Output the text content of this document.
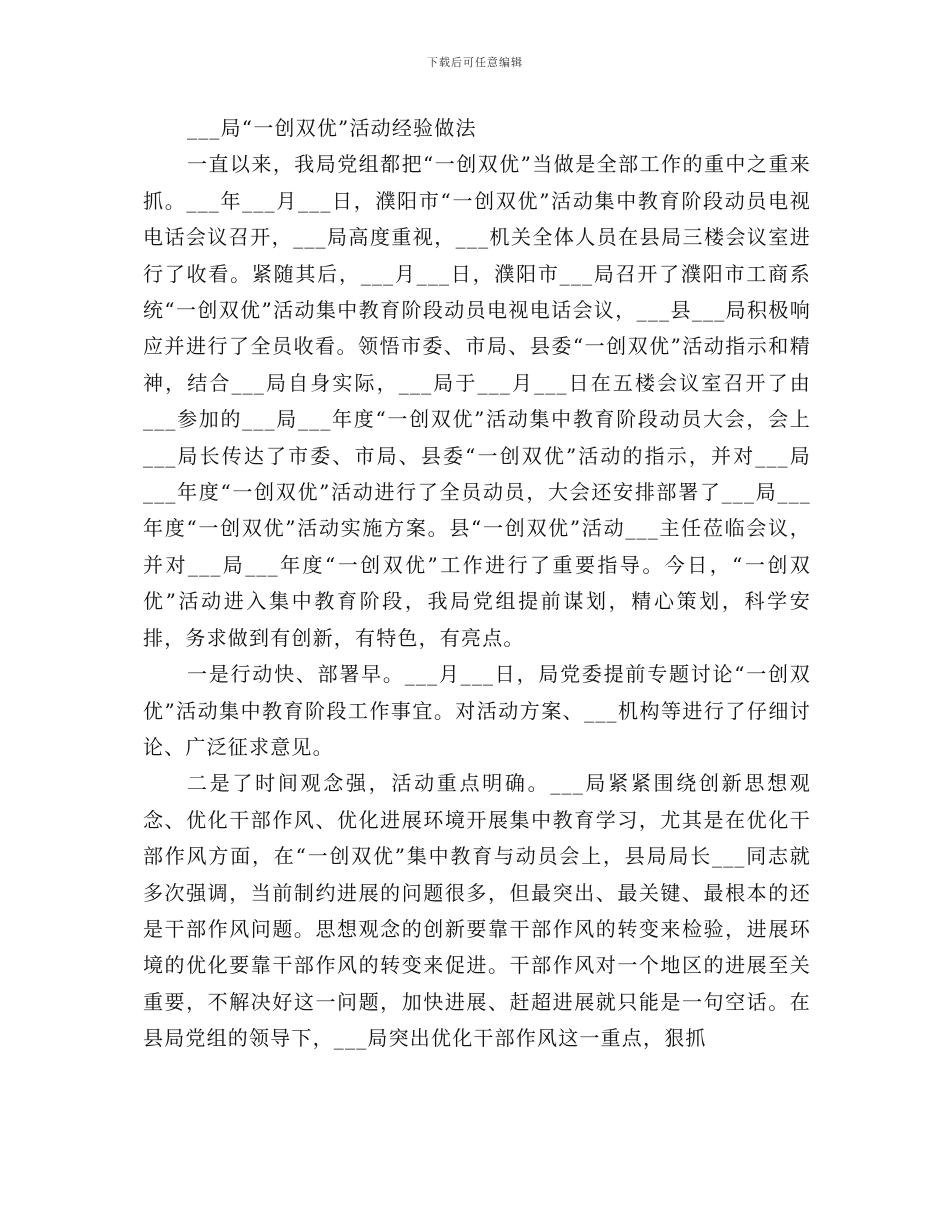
下载后可任意编辑

___局“一创双优”活动经验做法

一直以来，我局党组都把“一创双优”当做是全部工作的重中之重来抓。___年___月___日，濮阳市“一创双优”活动集中教育阶段动员电视电话会议召开，___局高度重视，___机关全体人员在县局三楼会议室进行了收看。紧随其后，___月___日，濮阳市___局召开了濮阳市工商系统“一创双优”活动集中教育阶段动员电视电话会议，___县___局积极响应并进行了全员收看。领悟市委、市局、县委“一创双优”活动指示和精神，结合___局自身实际，___局于___月___日在五楼会议室召开了由___参加的___局___年度“一创双优”活动集中教育阶段动员大会，会上___局长传达了市委、市局、县委“一创双优”活动的指示，并对___局___年度“一创双优”活动进行了全员动员，大会还安排部署了___局___年度“一创双优”活动实施方案。县“一创双优”活动___主任莅临会议，并对___局___年度“一创双优”工作进行了重要指导。今日，“一创双优”活动进入集中教育阶段，我局党组提前谋划，精心策划，科学安排，务求做到有创新，有特色，有亮点。

一是行动快、部署早。___月___日，局党委提前专题讨论“一创双优”活动集中教育阶段工作事宜。对活动方案、___机构等进行了仔细讨论、广泛征求意见。

二是了时间观念强，活动重点明确。___局紧紧围绕创新思想观念、优化干部作风、优化进展环境开展集中教育学习，尤其是在优化干部作风方面，在“一创双优”集中教育与动员会上，县局局长___同志就多次强调，当前制约进展的问题很多，但最突出、最关键、最根本的还是干部作风问题。思想观念的创新要靠干部作风的转变来检验，进展环境的优化要靠干部作风的转变来促进。干部作风对一个地区的进展至关重要，不解决好这一问题，加快进展、赶超进展就只能是一句空话。在县局党组的领导下，___局突出优化干部作风这一重点，狠抓
